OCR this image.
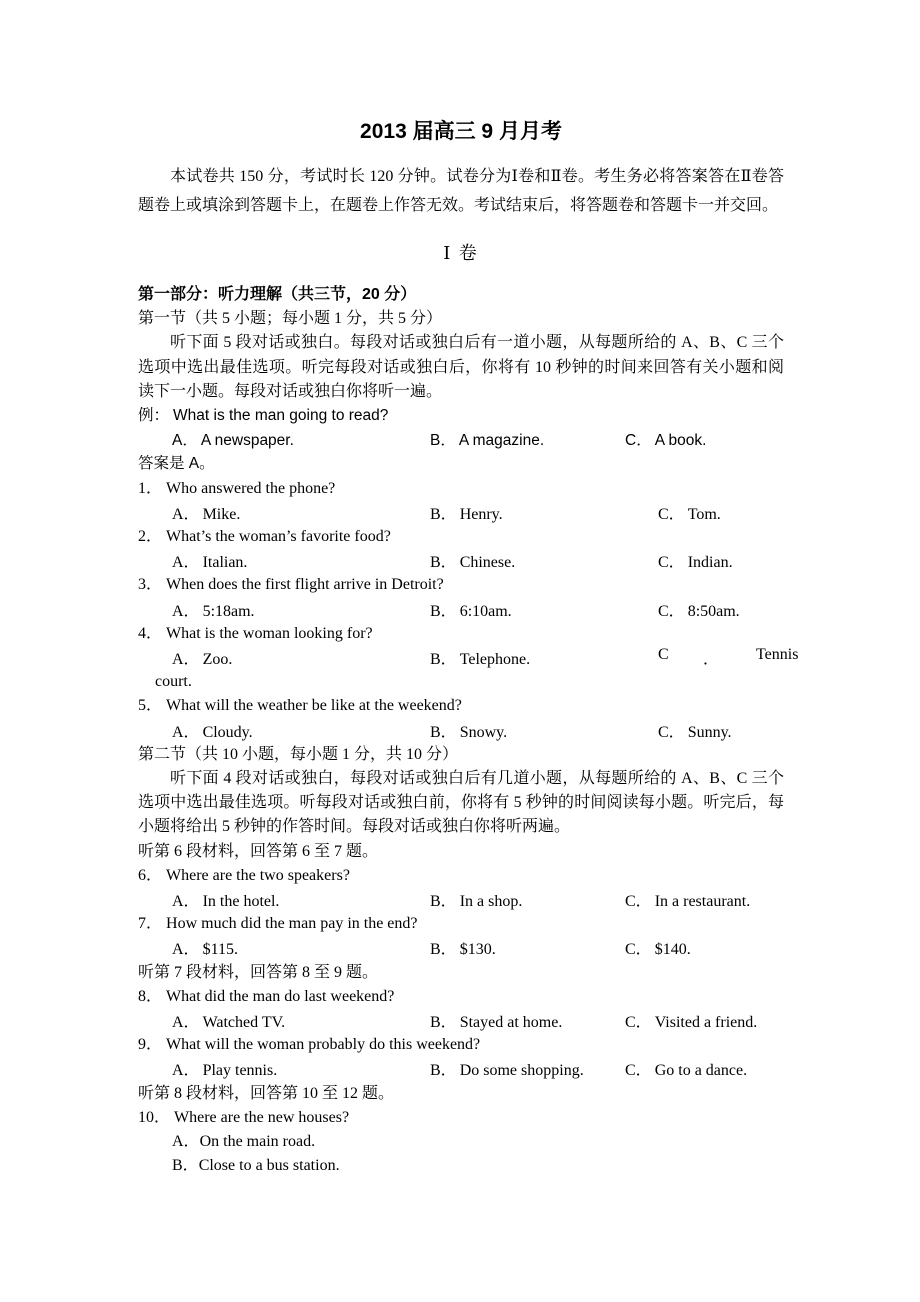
2013 届高三 9 月月考
本试卷共 150 分，考试时长 120 分钟。试卷分为Ⅰ卷和Ⅱ卷。考生务必将答案答在Ⅱ卷答题卷上或填涂到答题卡上，在题卷上作答无效。考试结束后，将答题卷和答题卡一并交回。
Ⅰ 卷
第一部分：听力理解（共三节，20 分）
第一节（共 5 小题；每小题 1 分，共 5 分）
听下面 5 段对话或独白。每段对话或独白后有一道小题，从每题所给的 A、B、C 三个选项中选出最佳选项。听完每段对话或独白后，你将有 10 秒钟的时间来回答有关小题和阅读下一小题。每段对话或独白你将听一遍。
例： What is the man going to read?
A． A newspaper.	B． A magazine.	C． A book.
答案是 A。
1． Who answered the phone?
A． Mike.	B． Henry.	C． Tom.
2． What’s the woman’s favorite food?
A． Italian.	B． Chinese.	C． Indian.
3． When does the first flight arrive in Detroit?
A． 5:18am.	B． 6:10am.	C． 8:50am.
4． What is the woman looking for?
A． Zoo.	B． Telephone.	C ． Tennis
court.
5． What will the weather be like at the weekend?
A． Cloudy.	B． Snowy.	C． Sunny.
第二节（共 10 小题，每小题 1 分，共 10 分）
听下面 4 段对话或独白，每段对话或独白后有几道小题，从每题所给的 A、B、C 三个选项中选出最佳选项。听每段对话或独白前，你将有 5 秒钟的时间阅读每小题。听完后，每小题将给出 5 秒钟的作答时间。每段对话或独白你将听两遍。
听第 6 段材料，回答第 6 至 7 题。
6． Where are the two speakers?
A． In the hotel.	B． In a shop.	C． In a restaurant.
7． How much did the man pay in the end?
A． $115.	B． $130.	C． $140.
听第 7 段材料，回答第 8 至 9 题。
8． What did the man do last weekend?
A． Watched TV.	B． Stayed at home.	C． Visited a friend.
9． What will the woman probably do this weekend?
A． Play tennis.	B． Do some shopping.	C． Go to a dance.
听第 8 段材料，回答第 10 至 12 题。
10． Where are the new houses?
A．On the main road.
B．Close to a bus station.
